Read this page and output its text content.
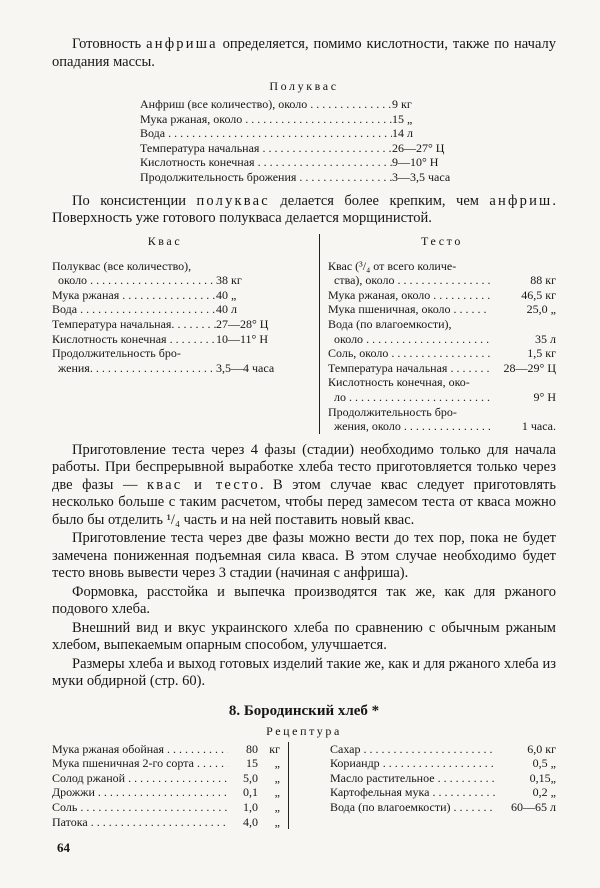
Готовность анфриша определяется, помимо кислотности, также по началу опадания массы.

Полуквас
Анфриш (все количество), около . . .	9 кг
Мука ржаная, около . . .	15 „
Вода . . .	14 л
Температура начальная . . .	26—27° Ц
Кислотность конечная . . .	9—10° Н
Продолжительность брожения . . .	3—3,5 часа

По консистенции полуквас делается более крепким, чем анфриш. Поверхность уже готового полукваса делается морщинистой.

Квас
Полуквас (все количество),
около . . .	38 кг
Мука ржаная . . .	40 „
Вода . . .	40 л
Температура начальная. . . .	27—28° Ц
Кислотность конечная . . .	10—11° Н
Продолжительность бро-
жения. . . .	3,5—4 часа
Тесто
Квас (³/₄ от всего количе-
ства), около . . .	88 кг
Мука ржаная, около . . .	46,5 кг
Мука пшеничная, около . . .	25,0 „
Вода (по влагоемкости),
около . . .	35 л
Соль, около . . .	1,5 кг
Температура начальная . . .	28—29° Ц
Кислотность конечная, око-
ло . . .	9° Н
Продолжительность бро-
жения, около . . .	1 часа.

Приготовление теста через 4 фазы (стадии) необходимо только для начала работы. При беспрерывной выработке хлеба тесто приготовляется только через две фазы — квас и тесто. В этом случае квас следует приготовлять несколько больше с таким расчетом, чтобы перед замесом теста от кваса можно было бы отделить ¹/₄ часть и на ней поставить новый квас.

Приготовление теста через две фазы можно вести до тех пор, пока не будет замечена пониженная подъемная сила кваса. В этом случае необходимо будет тесто вновь вывести через 3 стадии (начиная с анфриша).

Формовка, расстойка и выпечка производятся так же, как для ржаного подового хлеба.

Внешний вид и вкус украинского хлеба по сравнению с обычным ржаным хлебом, выпекаемым опарным способом, улучшается.

Размеры хлеба и выход готовых изделий такие же, как и для ржаного хлеба из муки обдирной (стр. 60).

8. Бородинский хлеб *
Рецептура
Мука ржаная обойная . . .	80 кг
Мука пшеничная 2-го сорта . . .	15	„
Солод ржаной . . .	5,0	„
Дрожжи . . .	0,1	„
Соль . . .	1,0	„
Патока . . .	4,0	„
Сахар . . .	6,0 кг
Кориандр . . .	0,5 „
Масло растительное . . .	0,15„
Картофельная мука . . .	0,2 „
Вода (по влагоемкости) . . .	60—65 л
64
